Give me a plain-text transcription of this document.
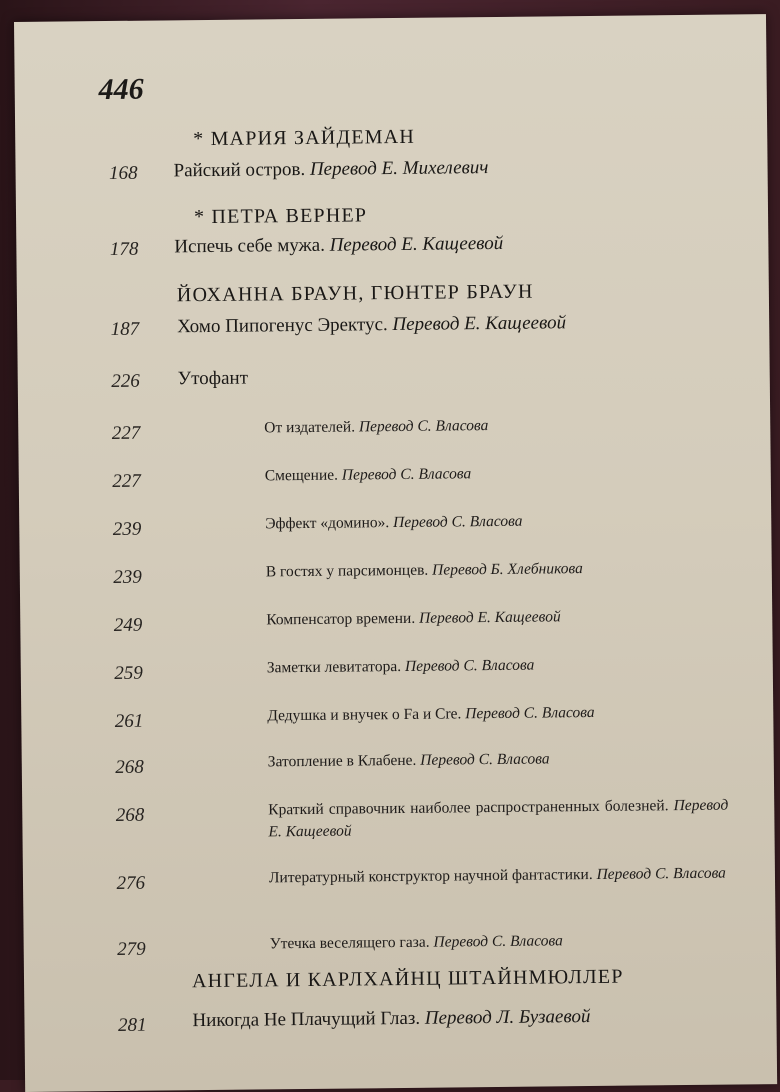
446
* МАРИЯ ЗАЙДЕМАН
168 Райский остров. Перевод Е. Михелевич
* ПЕТРА ВЕРНЕР
178 Испечь себе мужа. Перевод Е. Кащеевой
ЙОХАННА БРАУН, ГЮНТЕР БРАУН
187 Хомо Пипогенус Эректус. Перевод Е. Кащеевой
226 Утофант
227	От издателей. Перевод С. Власова
227	Смещение. Перевод С. Власова
239	Эффект «домино». Перевод С. Власова
239	В гостях у парсимонцев. Перевод Б. Хлебникова
249	Компенсатор времени. Перевод Е. Кащеевой
259	Заметки левитатора. Перевод С. Власова
261	Дедушка и внучек о Fa и Cre. Перевод С. Власова
268	Затопление в Клабене. Перевод С. Власова
268	Краткий справочник наиболее распространенных болезней. Перевод Е. Кащеевой
276	Литературный конструктор научной фантастики. Перевод С. Власова
279	Утечка веселящего газа. Перевод С. Власова
АНГЕЛА И КАРЛХАЙНЦ ШТАЙНМЮЛЛЕР
281 Никогда Не Плачущий Глаз. Перевод Л. Бузаевой
